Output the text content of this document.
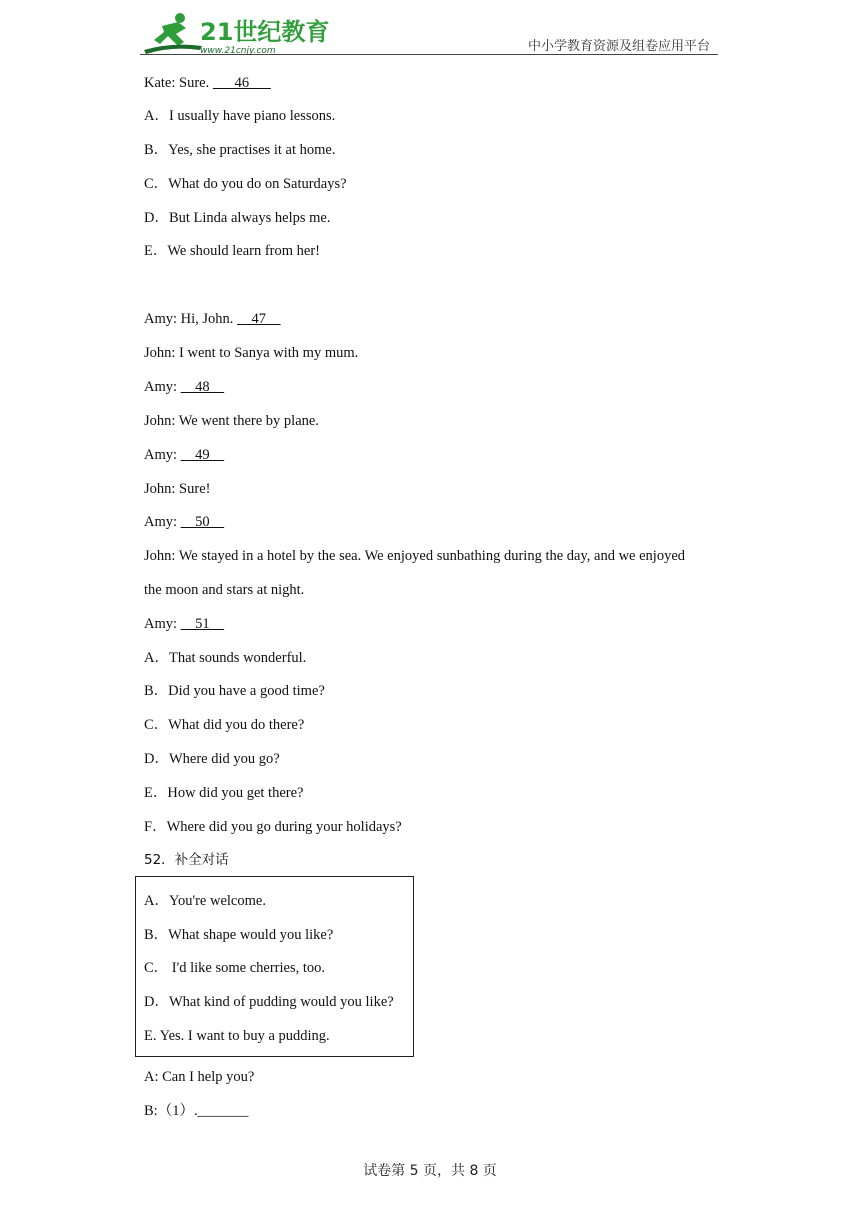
21世纪教育
www.21cnjy.com	中小学教育资源及组卷应用平台
Kate: Sure.       46
A．I usually have piano lessons.
B．Yes, she practises it at home.
C．What do you do on Saturdays?
D．But Linda always helps me.
E．We should learn from her!
Amy: Hi, John.     47
John: I went to Sanya with my mum.
Amy:     48
John: We went there by plane.
Amy:     49
John: Sure!
Amy:     50
John: We stayed in a hotel by the sea. We enjoyed sunbathing during the day, and we enjoyed
the moon and stars at night.
Amy:     51
A．That sounds wonderful.
B．Did you have a good time?
C．What did you do there?
D．Where did you go?
E．How did you get there?
F．Where did you go during your holidays?
52．补全对话
A．You're welcome.
B．What shape would you like?
C． I'd like some cherries, too.
D．What kind of pudding would you like?
E. Yes. I want to buy a pudding.
A: Can I help you?
B:（1）._______
试卷第 5 页，共 8 页
